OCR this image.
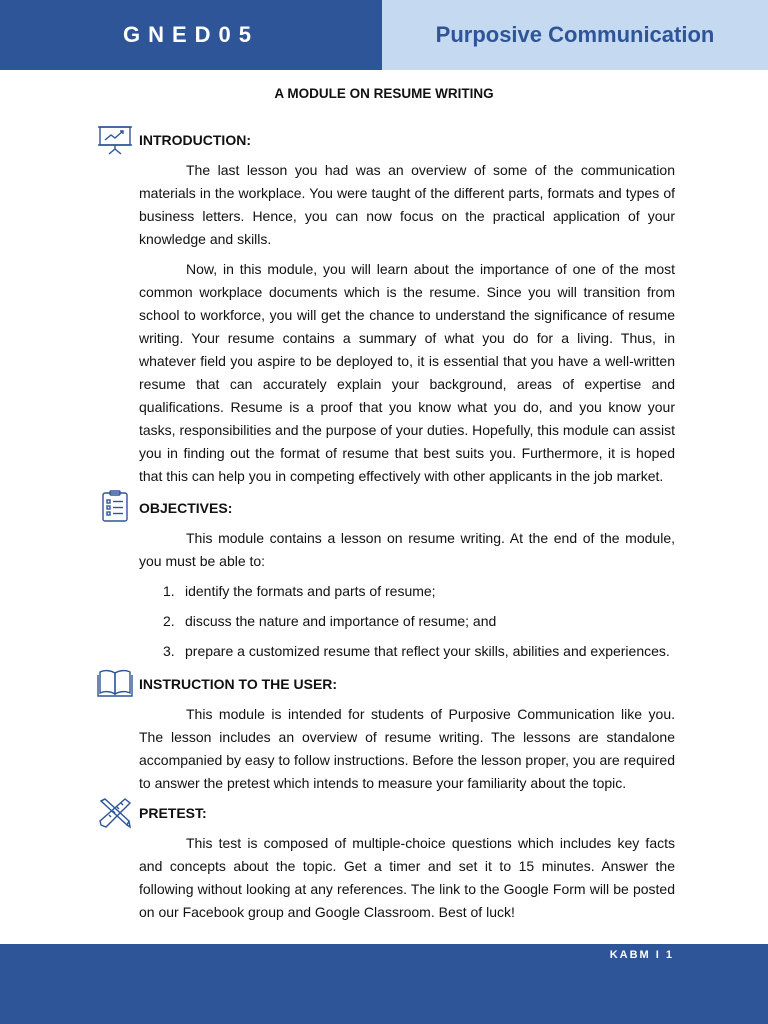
GNED05	Purposive Communication
A MODULE ON RESUME WRITING
INTRODUCTION:

The last lesson you had was an overview of some of the communication materials in the workplace. You were taught of the different parts, formats and types of business letters. Hence, you can now focus on the practical application of your knowledge and skills.

Now, in this module, you will learn about the importance of one of the most common workplace documents which is the resume. Since you will transition from school to workforce, you will get the chance to understand the significance of resume writing. Your resume contains a summary of what you do for a living. Thus, in whatever field you aspire to be deployed to, it is essential that you have a well-written resume that can accurately explain your background, areas of expertise and qualifications. Resume is a proof that you know what you do, and you know your tasks, responsibilities and the purpose of your duties. Hopefully, this module can assist you in finding out the format of resume that best suits you. Furthermore, it is hoped that this can help you in competing effectively with other applicants in the job market.

OBJECTIVES:

This module contains a lesson on resume writing. At the end of the module, you must be able to:

1. identify the formats and parts of resume;
2. discuss the nature and importance of resume; and
3. prepare a customized resume that reflect your skills, abilities and experiences.
INSTRUCTION TO THE USER:

This module is intended for students of Purposive Communication like you. The lesson includes an overview of resume writing. The lessons are standalone accompanied by easy to follow instructions. Before the lesson proper, you are required to answer the pretest which intends to measure your familiarity about the topic.

PRETEST:

This test is composed of multiple-choice questions which includes key facts and concepts about the topic. Get a timer and set it to 15 minutes. Answer the following without looking at any references. The link to the Google Form will be posted on our Facebook group and Google Classroom. Best of luck!

KABM I 1
